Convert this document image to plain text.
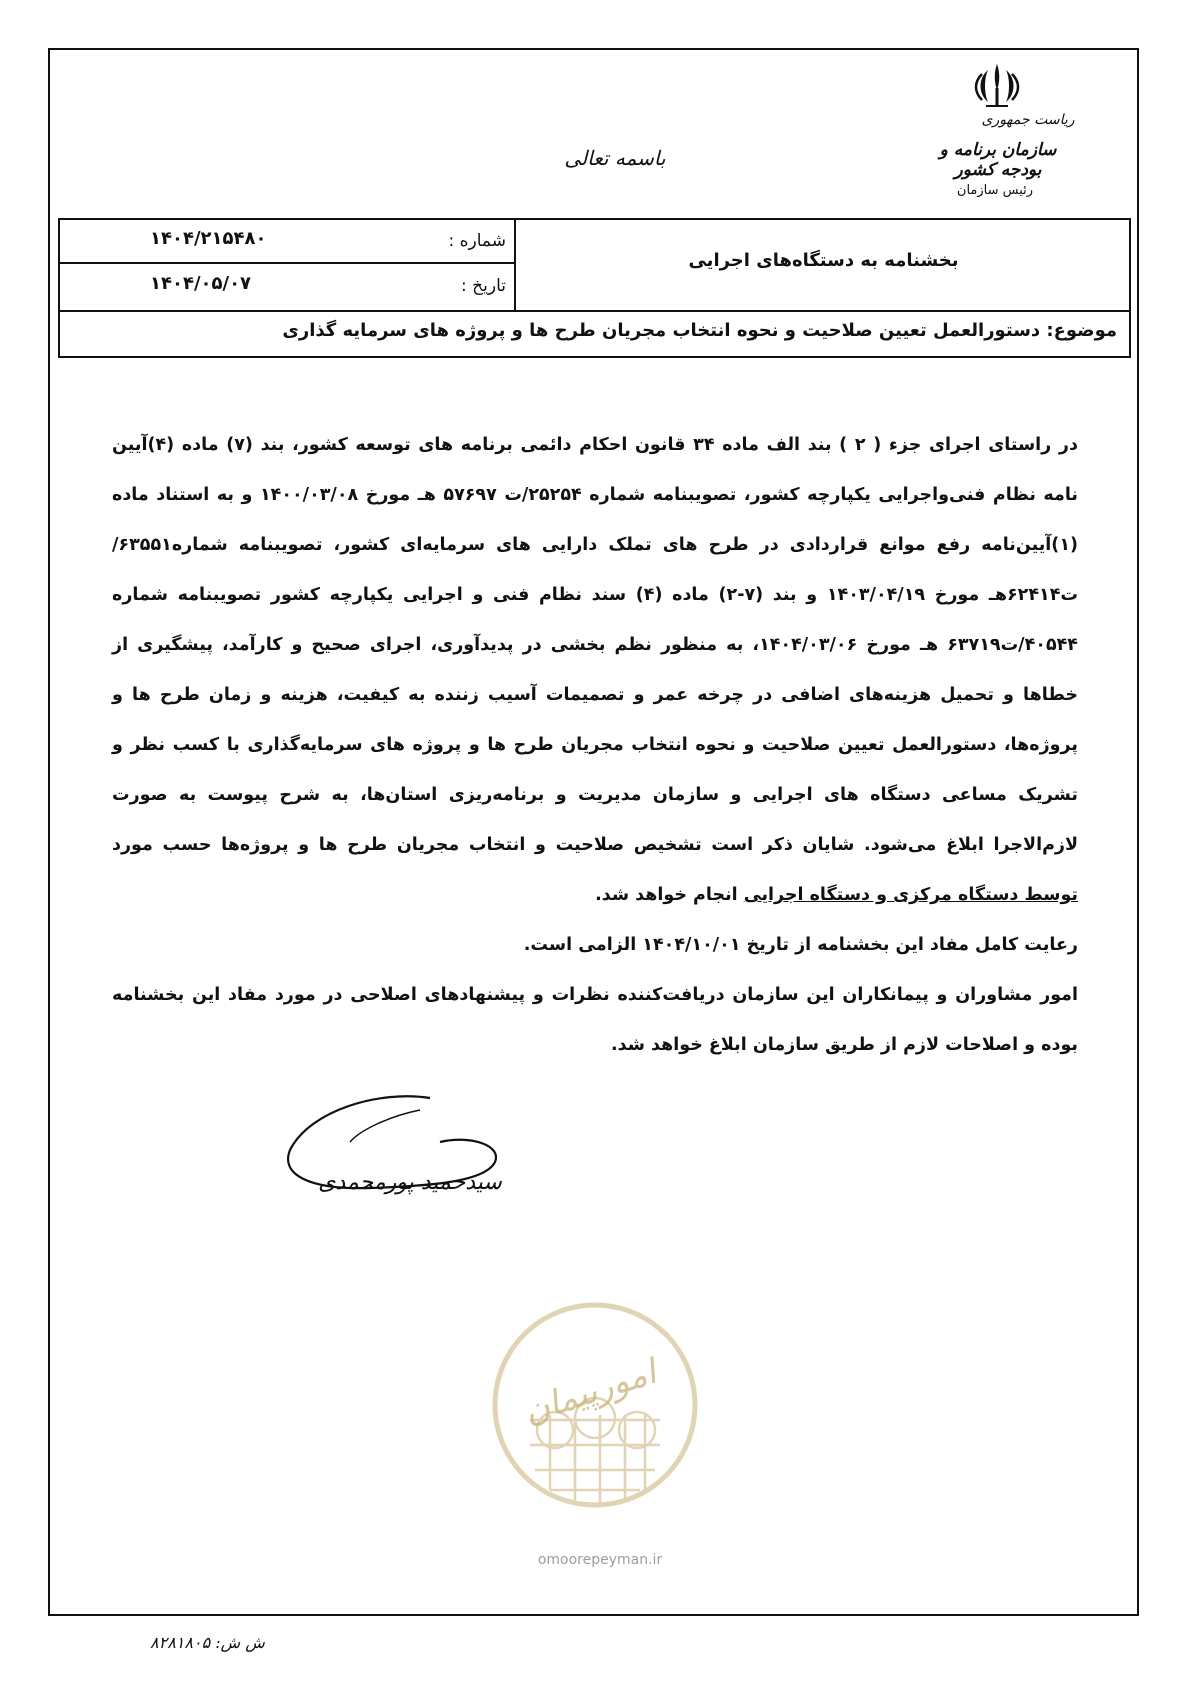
ریاست جمهوری
سازمان برنامه و بودجه کشور
رئیس سازمان
باسمه تعالی
شماره :
۱۴۰۴/۲۱۵۴۸۰
تاریخ :
۱۴۰۴/۰۵/۰۷
بخشنامه به دستگاه‌های اجرایی
موضوع: دستورالعمل تعیین صلاحیت و نحوه انتخاب مجریان طرح ها و پروژه های سرمایه گذاری

در راستای اجرای جزء ( ۲ ) بند الف ماده ۳۴ قانون احکام دائمی برنامه های توسعه کشور، بند (۷) ماده (۴)آیین نامه نظام فنی‌واجرایی یکپارچه کشور، تصویبنامه شماره ۲۵۲۵۴/ت ۵۷۶۹۷ هـ مورخ ۱۴۰۰/۰۳/۰۸ و به استناد ماده (۱)آیین‌نامه رفع موانع قراردادی در طرح های تملک دارایی های سرمایه‌ای کشور، تصویبنامه شماره۶۳۵۵۱/ت۶۲۴۱۴هـ مورخ ۱۴۰۳/۰۴/۱۹ و بند (۷-۲) ماده (۴) سند نظام فنی و اجرایی یکپارچه کشور تصویبنامه شماره ۴۰۵۴۴/ت۶۳۷۱۹ هـ مورخ ۱۴۰۴/۰۳/۰۶، به منظور نظم بخشی در پدیدآوری، اجرای صحیح و کارآمد، پیشگیری از خطاها و تحمیل هزینه‌های اضافی در چرخه عمر و تصمیمات آسیب زننده به کیفیت، هزینه و زمان طرح ها و پروژه‌ها، دستورالعمل تعیین صلاحیت و نحوه انتخاب مجریان طرح ها و پروژه های سرمایه‌گذاری با کسب نظر و تشریک مساعی دستگاه های اجرایی و سازمان مدیریت و برنامه‌ریزی استان‌ها، به شرح پیوست به صورت لازم‌الاجرا ابلاغ می‌شود. شایان ذکر است تشخیص صلاحیت و انتخاب مجریان طرح ها و پروژه‌ها حسب مورد توسط دستگاه مرکزی و دستگاه اجرایی انجام خواهد شد.

رعایت کامل مفاد این بخشنامه از تاریخ ۱۴۰۴/۱۰/۰۱ الزامی است.

امور مشاوران و پیمانکاران این سازمان دریافت‌کننده نظرات و پیشنهادهای اصلاحی در مورد مفاد این بخشنامه بوده و اصلاحات لازم از طریق سازمان ابلاغ خواهد شد.

سیدحمید پورمحمدی
امورپیمان
omoorepeyman.ir
ش ش: ۸۲۸۱۸۰۵
